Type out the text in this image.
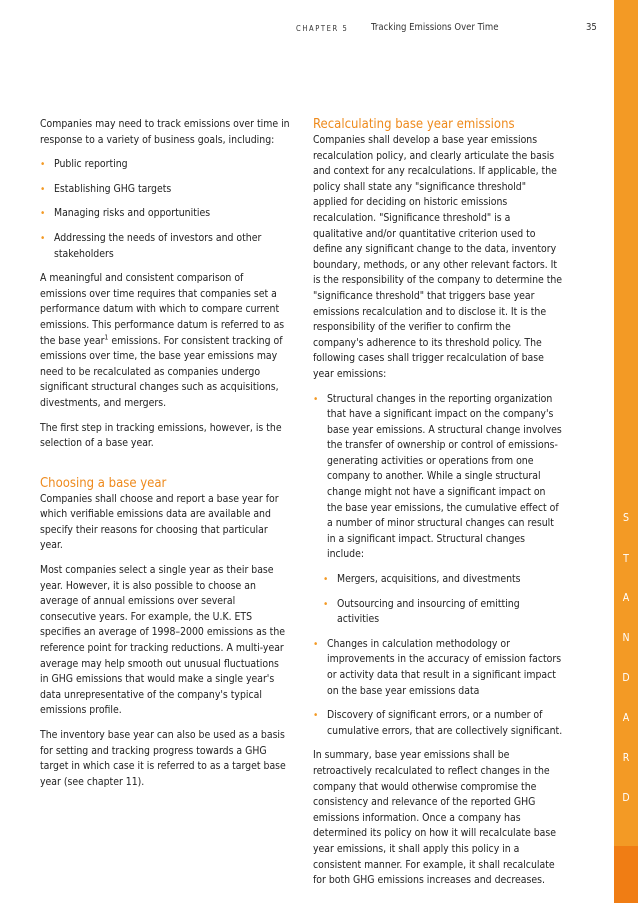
CHAPTER 5 Tracking Emissions Over Time	35
S
T
A
N
D
A
R
D

Companies may need to track emissions over time in response to a variety of business goals, including:

• Public reporting

• Establishing GHG targets

• Managing risks and opportunities

• Addressing the needs of investors and other stakeholders

A meaningful and consistent comparison of emissions over time requires that companies set a performance datum with which to compare current emissions. This performance datum is referred to as the base year$^1$ emissions. For consistent tracking of emissions over time, the base year emissions may need to be recalculated as companies undergo significant structural changes such as acquisitions, divestments, and mergers.

The first step in tracking emissions, however, is the selection of a base year.

Choosing a base year

Companies shall choose and report a base year for which verifiable emissions data are available and specify their reasons for choosing that particular year.

Most companies select a single year as their base year. However, it is also possible to choose an average of annual emissions over several consecutive years. For example, the U.K. ETS specifies an average of 1998–2000 emissions as the reference point for tracking reductions. A multi-year average may help smooth out unusual fluctuations in GHG emissions that would make a single year's data unrepresentative of the company's typical emissions profile.

The inventory base year can also be used as a basis for setting and tracking progress towards a GHG target in which case it is referred to as a target base year (see chapter 11).

Recalculating base year emissions

Companies shall develop a base year emissions recalculation policy, and clearly articulate the basis and context for any recalculations. If applicable, the policy shall state any "significance threshold" applied for deciding on historic emissions recalculation. "Significance threshold" is a qualitative and/or quantitative criterion used to define any significant change to the data, inventory boundary, methods, or any other relevant factors. It is the responsibility of the company to determine the "significance threshold" that triggers base year emissions recalculation and to disclose it. It is the responsibility of the verifier to confirm the company's adherence to its threshold policy. The following cases shall trigger recalculation of base year emissions:

• Structural changes in the reporting organization that have a significant impact on the company's base year emissions. A structural change involves the transfer of ownership or control of emissions-generating activities or operations from one company to another. While a single structural change might not have a significant impact on the base year emissions, the cumulative effect of a number of minor structural changes can result in a significant impact. Structural changes include:

• Mergers, acquisitions, and divestments

• Outsourcing and insourcing of emitting activities

• Changes in calculation methodology or improvements in the accuracy of emission factors or activity data that result in a significant impact on the base year emissions data

• Discovery of significant errors, or a number of cumulative errors, that are collectively significant.

In summary, base year emissions shall be retroactively recalculated to reflect changes in the company that would otherwise compromise the consistency and relevance of the reported GHG emissions information. Once a company has determined its policy on how it will recalculate base year emissions, it shall apply this policy in a consistent manner. For example, it shall recalculate for both GHG emissions increases and decreases.
